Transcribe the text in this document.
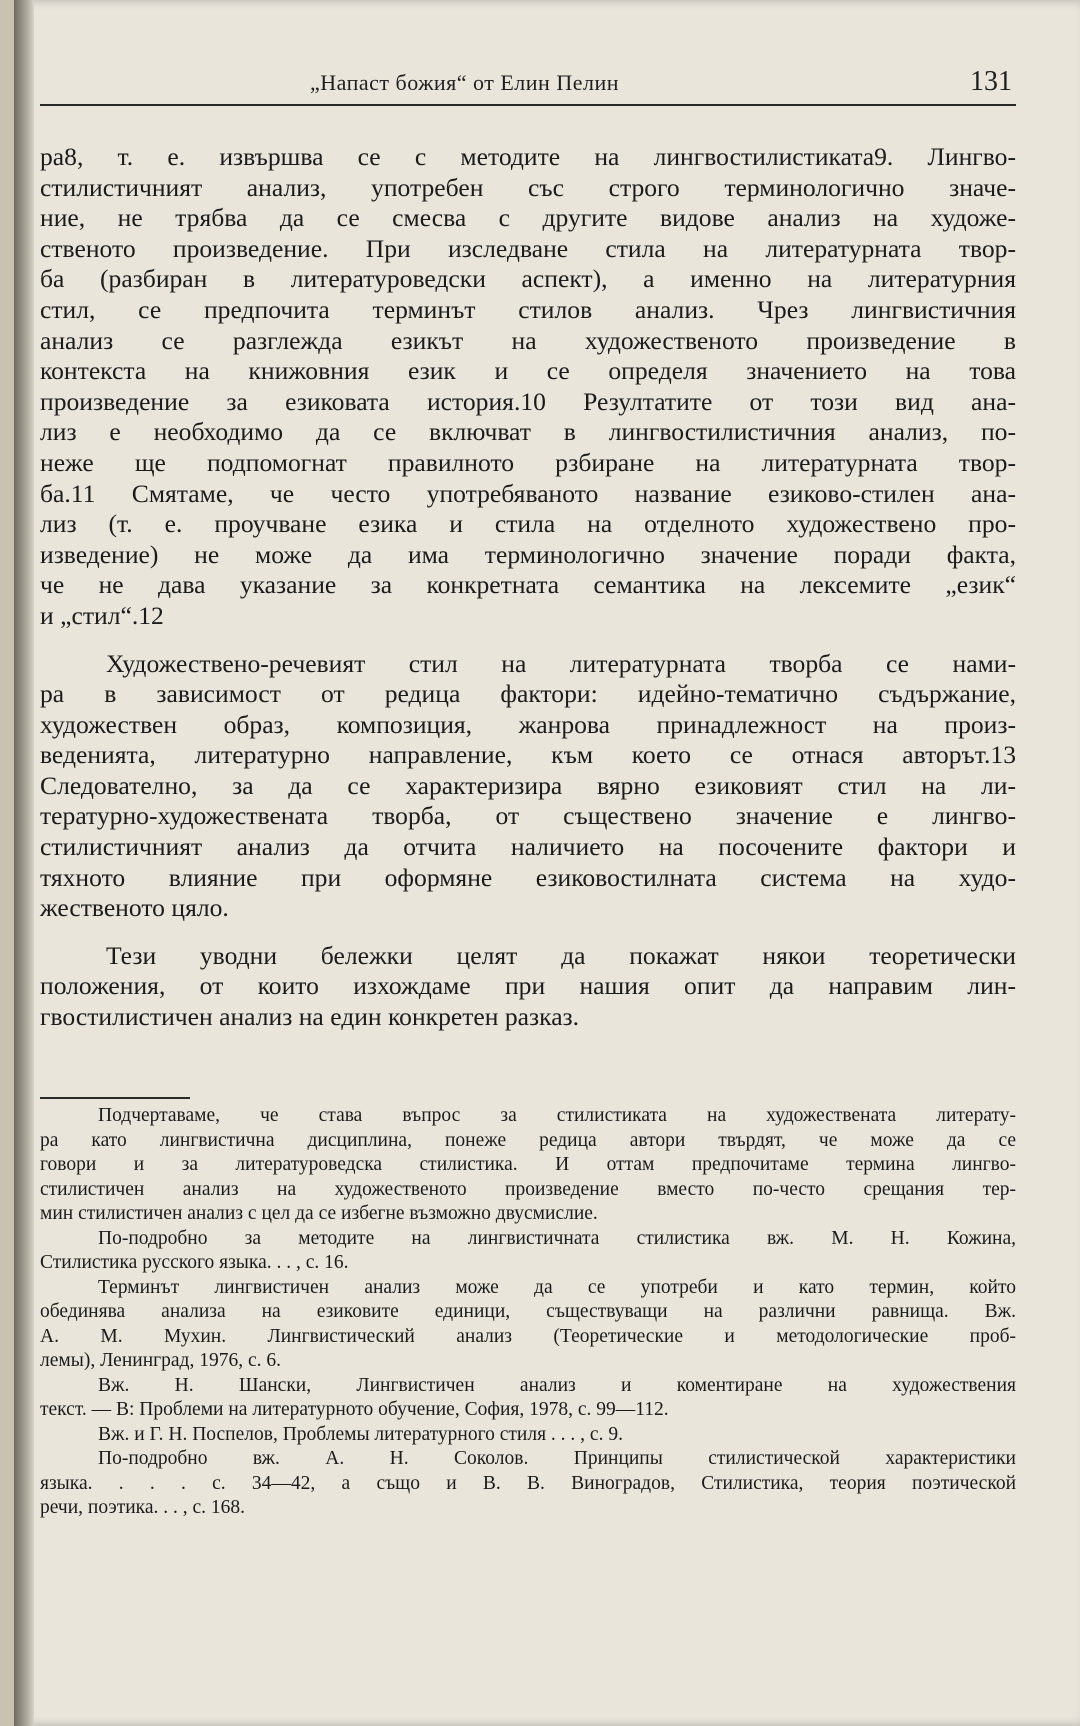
„Напаст божия“ от Елин Пелин	131

ра8, т. е. извършва се с методите на лингвостилистиката9. Лингво-
стилистичният анализ, употребен със строго терминологично значе-
ние, не трябва да се смесва с другите видове анализ на художе-
ственото произведение. При изследване стила на литературната твор-
ба (разбиран в литературоведски аспект), а именно на литературния
стил, се предпочита терминът стилов анализ. Чрез лингвистичния
анализ се разглежда езикът на художественото произведение в
контекста на книжовния език и се определя значението на това
произведение за езиковата история.10 Резултатите от този вид ана-
лиз е необходимо да се включват в лингвостилистичния анализ, по-
неже ще подпомогнат правилното рзбиране на литературната твор-
ба.11 Смятаме, че често употребяваното название езиково-стилен ана-
лиз (т. е. проучване езика и стила на отделното художествено про-
изведение) не може да има терминологично значение поради факта,
че не дава указание за конкретната семантика на лексемите „език“
и „стил“.12

Художествено-речевият стил на литературната творба се нами-
ра в зависимост от редица фактори: идейно-тематично съдържание,
художествен образ, композиция, жанрова принадлежност на произ-
веденията, литературно направление, към което се отнася авторът.13
Следователно, за да се характеризира вярно езиковият стил на ли-
тературно-художествената творба, от съществено значение е лингво-
стилистичният анализ да отчита наличието на посочените фактори и
тяхното влияние при оформяне езиковостилната система на худо-
жественото цяло.

Тези уводни бележки целят да покажат някои теоретически
положения, от които изхождаме при нашия опит да направим лин-
гвостилистичен анализ на един конкретен разказ.

Подчертаваме, че става въпрос за стилистиката на художествената литерату-
ра като лингвистична дисциплина, понеже редица автори твърдят, че може да се
говори и за литературоведска стилистика. И оттам предпочитаме термина лингво-
стилистичен анализ на художественото произведение вместо по-често срещания тер-
мин стилистичен анализ с цел да се избегне възможно двусмислие.
По-подробно за методите на лингвистичната стилистика вж. М. Н. Кожина,
Стилистика русского языка. . . , с. 16.
Терминът лингвистичен анализ може да се употреби и като термин, който
обединява анализа на езиковите единици, съществуващи на различни равнища. Вж.
А. М. Мухин. Лингвистический анализ (Теоретические и методологические проб-
лемы), Ленинград, 1976, с. 6.
Вж. Н. Шански, Лингвистичен анализ и коментиране на художествения
текст. — В: Проблеми на литературното обучение, София, 1978, с. 99—112.
Вж. и Г. Н. Поспелов, Проблемы литературного стиля . . . , с. 9.
По-подробно вж. А. Н. Соколов. Принципы стилистической характеристики
языка. . . . с. 34—42, а също и В. В. Виноградов, Стилистика, теория поэтической
речи, поэтика. . . , с. 168.
